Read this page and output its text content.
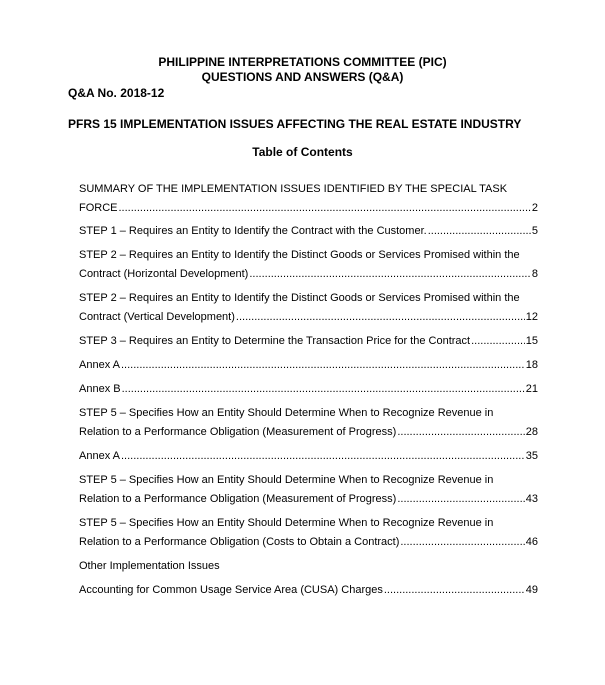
PHILIPPINE INTERPRETATIONS COMMITTEE (PIC)
QUESTIONS AND ANSWERS (Q&A)
Q&A No. 2018-12
PFRS 15 IMPLEMENTATION ISSUES AFFECTING THE REAL ESTATE INDUSTRY
Table of Contents
SUMMARY OF THE IMPLEMENTATION ISSUES IDENTIFIED BY THE SPECIAL TASK
FORCE .....	2
STEP 1 – Requires an Entity to Identify the Contract with the Customer. .....	5
STEP 2 – Requires an Entity to Identify the Distinct Goods or Services Promised within the
Contract (Horizontal Development) .....	8
STEP 2 – Requires an Entity to Identify the Distinct Goods or Services Promised within the
Contract (Vertical Development) .....	12
STEP 3 – Requires an Entity to Determine the Transaction Price for the Contract .....	15
Annex A .....	18
Annex B .....	21
STEP 5 – Specifies How an Entity Should Determine When to Recognize Revenue in
Relation to a Performance Obligation (Measurement of Progress) .....	28
Annex A .....	35
STEP 5 – Specifies How an Entity Should Determine When to Recognize Revenue in
Relation to a Performance Obligation (Measurement of Progress) .....	43
STEP 5 – Specifies How an Entity Should Determine When to Recognize Revenue in
Relation to a Performance Obligation (Costs to Obtain a Contract) .....	46
Other Implementation Issues
Accounting for Common Usage Service Area (CUSA) Charges .....	49
